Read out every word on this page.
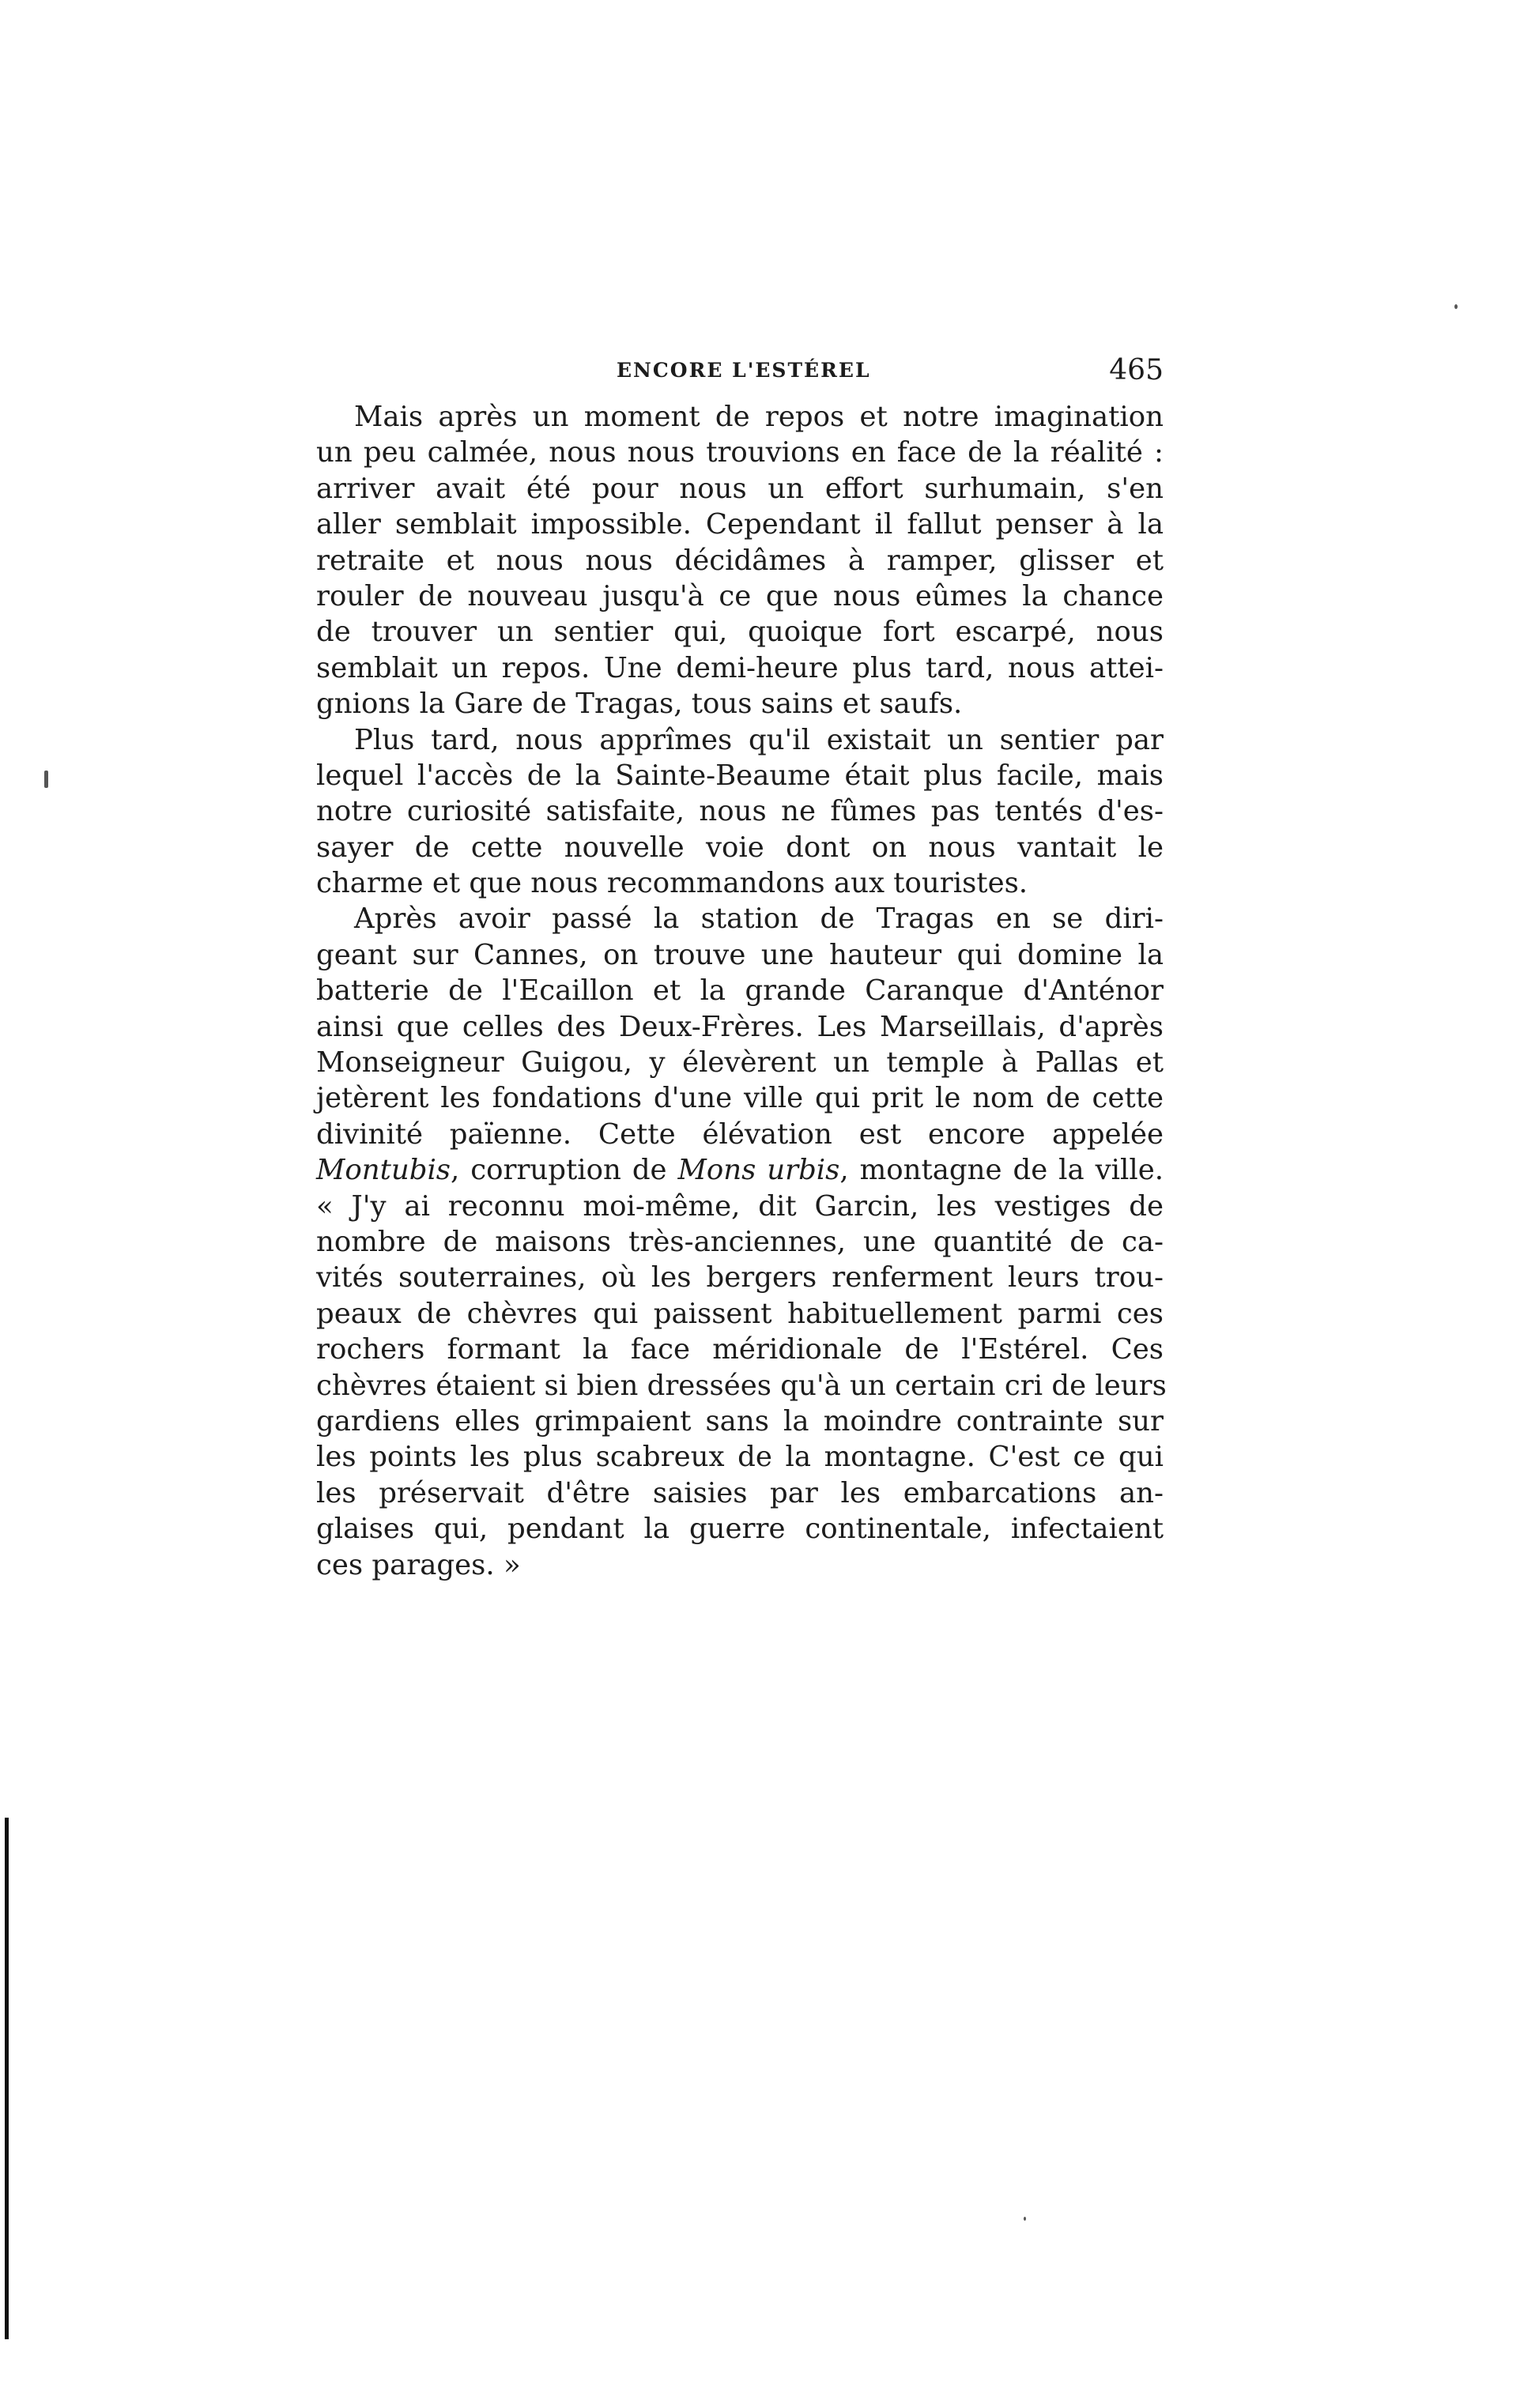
ENCORE L'ESTÉREL	465
Mais après un moment de repos et notre imagination
un peu calmée, nous nous trouvions en face de la réalité :
arriver avait été pour nous un effort surhumain, s'en
aller semblait impossible. Cependant il fallut penser à la
retraite et nous nous décidâmes à ramper, glisser et
rouler de nouveau jusqu'à ce que nous eûmes la chance
de trouver un sentier qui, quoique fort escarpé, nous
semblait un repos. Une demi-heure plus tard, nous attei-
gnions la Gare de Tragas, tous sains et saufs.
Plus tard, nous apprîmes qu'il existait un sentier par
lequel l'accès de la Sainte-Beaume était plus facile, mais
notre curiosité satisfaite, nous ne fûmes pas tentés d'es-
sayer de cette nouvelle voie dont on nous vantait le
charme et que nous recommandons aux touristes.
Après avoir passé la station de Tragas en se diri-
geant sur Cannes, on trouve une hauteur qui domine la
batterie de l'Ecaillon et la grande Caranque d'Anténor
ainsi que celles des Deux-Frères. Les Marseillais, d'après
Monseigneur Guigou, y élevèrent un temple à Pallas et
jetèrent les fondations d'une ville qui prit le nom de cette
divinité païenne. Cette élévation est encore appelée
Montubis, corruption de Mons urbis, montagne de la ville.
« J'y ai reconnu moi-même, dit Garcin, les vestiges de
nombre de maisons très-anciennes, une quantité de ca-
vités souterraines, où les bergers renferment leurs trou-
peaux de chèvres qui paissent habituellement parmi ces
rochers formant la face méridionale de l'Estérel. Ces
chèvres étaient si bien dressées qu'à un certain cri de leurs
gardiens elles grimpaient sans la moindre contrainte sur
les points les plus scabreux de la montagne. C'est ce qui
les préservait d'être saisies par les embarcations an-
glaises qui, pendant la guerre continentale, infectaient
ces parages. »
